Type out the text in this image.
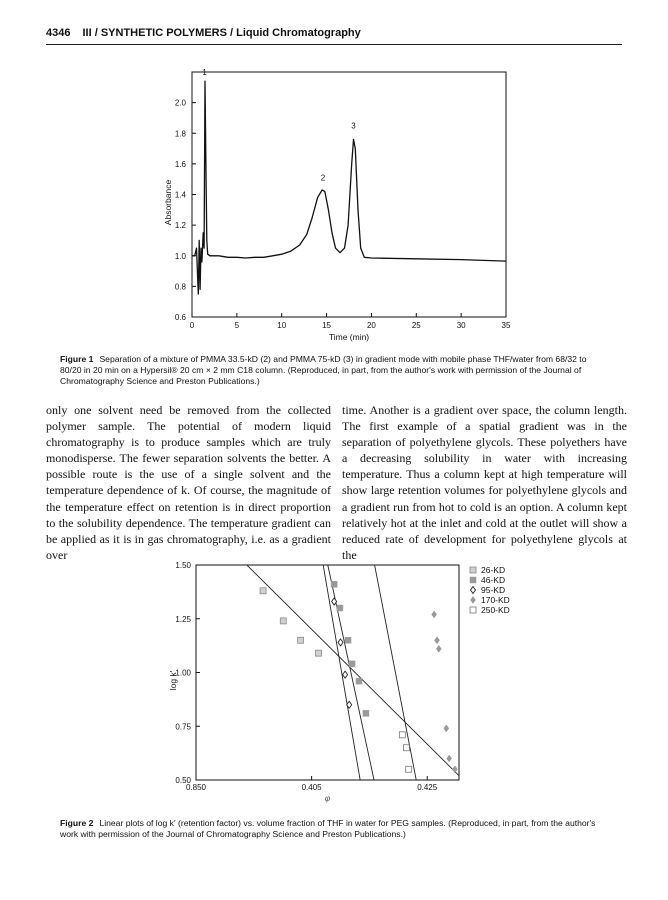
4346 III / SYNTHETIC POLYMERS / Liquid Chromatography
0	5	10	15	20	25	30	35
0.6
0.8
1.0
1.2
1.4
1.6
1.8
2.0
Time (min)
Absorbance
1
2
3
Figure 1 Separation of a mixture of PMMA 33.5-kD (2) and PMMA 75-kD (3) in gradient mode with mobile phase THF/water from 68/32 to 80/20 in 20 min on a Hypersil® 20 cm × 2 mm C18 column. (Reproduced, in part, from the author's work with permission of the Journal of Chromatography Science and Preston Publications.)

only one solvent need be removed from the collected polymer sample. The potential of modern liquid chromatography is to produce samples which are truly monodisperse. The fewer separation solvents the better. A possible route is the use of a single solvent and the temperature dependence of k. Of course, the magnitude of the temperature effect on retention is in direct proportion to the solubility dependence. The temperature gradient can be applied as it is in gas chromatography, i.e. as a gradient over

time. Another is a gradient over space, the column length. The first example of a spatial gradient was in the separation of polyethylene glycols. These polyethers have a decreasing solubility in water with increasing temperature. Thus a column kept at high temperature will show large retention volumes for polyethylene glycols and a gradient run from hot to cold is an option. A column kept relatively hot at the inlet and cold at the outlet will show a reduced rate of development for polyethylene glycols at the

0.850	0.405	0.425
0.50
0.75
1.00
1.25
1.50
φ
log k'
26-KD
46-KD
95-KD
170-KD
250-KD
Figure 2 Linear plots of log k' (retention factor) vs. volume fraction of THF in water for PEG samples. (Reproduced, in part, from the author's work with permission of the Journal of Chromatography Science and Preston Publications.)
